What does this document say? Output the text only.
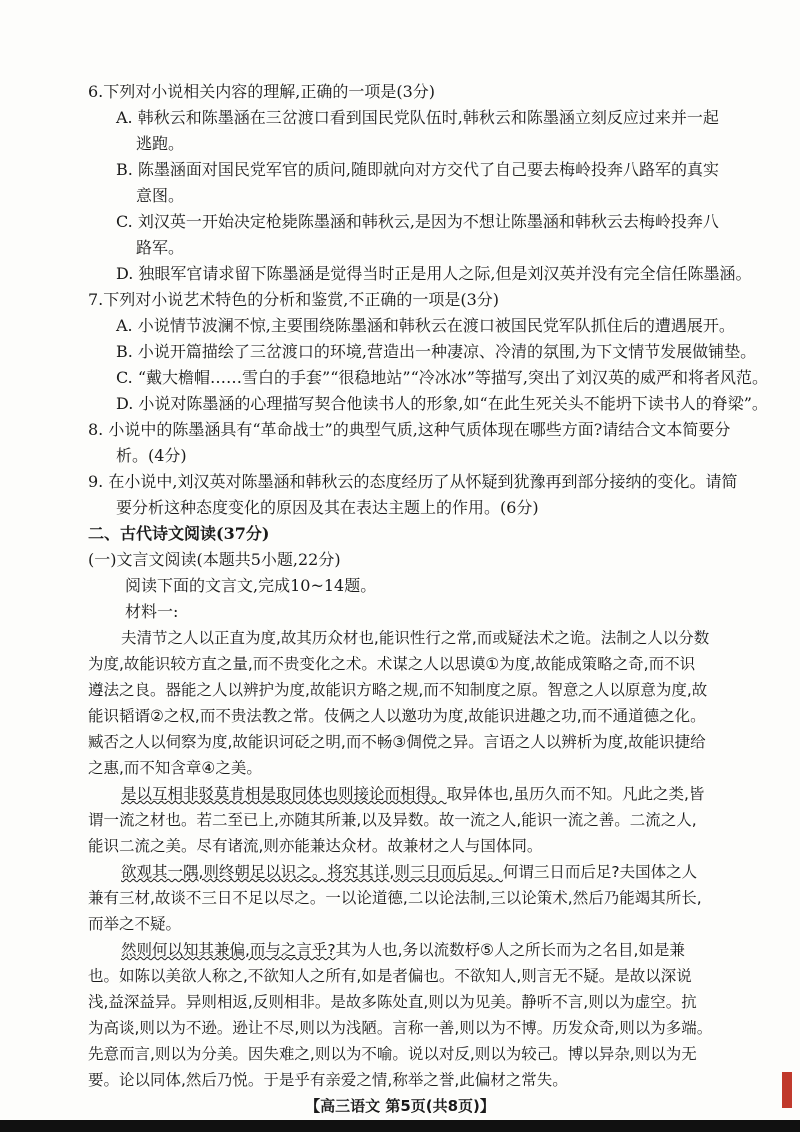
6.下列对小说相关内容的理解,正确的一项是(3分)
A. 韩秋云和陈墨涵在三岔渡口看到国民党队伍时,韩秋云和陈墨涵立刻反应过来并一起
逃跑。
B. 陈墨涵面对国民党军官的质问,随即就向对方交代了自己要去梅岭投奔八路军的真实
意图。
C. 刘汉英一开始决定枪毙陈墨涵和韩秋云,是因为不想让陈墨涵和韩秋云去梅岭投奔八
路军。
D. 独眼军官请求留下陈墨涵是觉得当时正是用人之际,但是刘汉英并没有完全信任陈墨涵。
7.下列对小说艺术特色的分析和鉴赏,不正确的一项是(3分)
A. 小说情节波澜不惊,主要围绕陈墨涵和韩秋云在渡口被国民党军队抓住后的遭遇展开。
B. 小说开篇描绘了三岔渡口的环境,营造出一种凄凉、冷清的氛围,为下文情节发展做铺垫。
C. “戴大檐帽……雪白的手套”“很稳地站”“冷冰冰”等描写,突出了刘汉英的威严和将者风范。
D. 小说对陈墨涵的心理描写契合他读书人的形象,如“在此生死关头不能坍下读书人的脊梁”。
8. 小说中的陈墨涵具有“革命战士”的典型气质,这种气质体现在哪些方面?请结合文本简要分
析。(4分)
9. 在小说中,刘汉英对陈墨涵和韩秋云的态度经历了从怀疑到犹豫再到部分接纳的变化。请简
要分析这种态度变化的原因及其在表达主题上的作用。(6分)
二、古代诗文阅读(37分)
(一)文言文阅读(本题共5小题,22分)
阅读下面的文言文,完成10~14题。
材料一:
夫清节之人以正直为度,故其历众材也,能识性行之常,而或疑法术之诡。法制之人以分数
为度,故能识较方直之量,而不贵变化之术。术谋之人以思谟①为度,故能成策略之奇,而不识
遵法之良。器能之人以辨护为度,故能识方略之规,而不知制度之原。智意之人以原意为度,故
能识韬谞②之权,而不贵法教之常。伎俩之人以邀功为度,故能识进趣之功,而不通道德之化。
臧否之人以伺察为度,故能识诃砭之明,而不畅③倜傥之异。言语之人以辨析为度,故能识捷给
之惠,而不知含章④之美。
是以互相非驳莫肯相是取同体也则接论而相得。取异体也,虽历久而不知。凡此之类,皆
谓一流之材也。若二至已上,亦随其所兼,以及异数。故一流之人,能识一流之善。二流之人,
能识二流之美。尽有诸流,则亦能兼达众材。故兼材之人与国体同。
欲观其一隅,则终朝足以识之。将究其详,则三日而后足。何谓三日而后足?夫国体之人
兼有三材,故谈不三日不足以尽之。一以论道德,二以论法制,三以论策术,然后乃能竭其所长,
而举之不疑。
然则何以知其兼偏,而与之言乎?其为人也,务以流数杼⑤人之所长而为之名目,如是兼
也。如陈以美欲人称之,不欲知人之所有,如是者偏也。不欲知人,则言无不疑。是故以深说
浅,益深益异。异则相返,反则相非。是故多陈处直,则以为见美。静听不言,则以为虚空。抗
为高谈,则以为不逊。逊让不尽,则以为浅陋。言称一善,则以为不博。历发众奇,则以为多端。
先意而言,则以为分美。因失难之,则以为不喻。说以对反,则以为较己。博以异杂,则以为无
要。论以同体,然后乃悦。于是乎有亲爱之情,称举之誉,此偏材之常失。
【高三语文 第5页(共8页)】
